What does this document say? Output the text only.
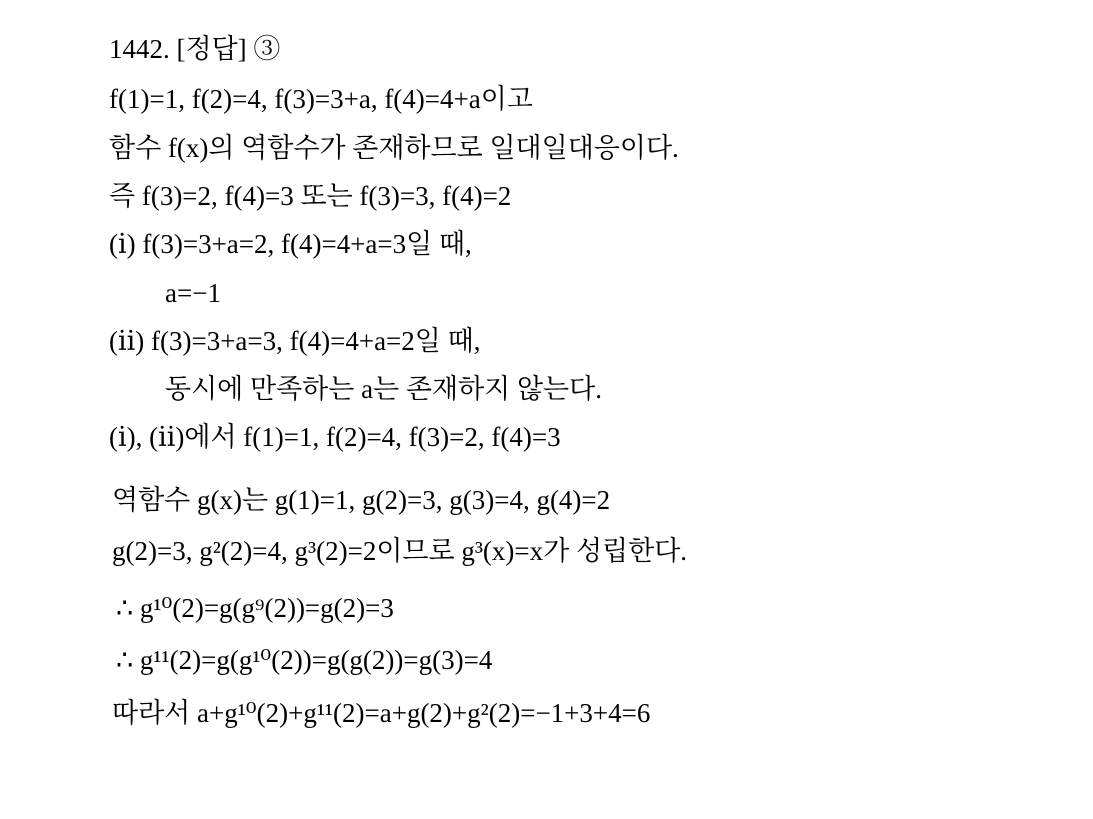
1442. [정답] ③
f(1)=1, f(2)=4, f(3)=3+a, f(4)=4+a이고
함수 f(x)의 역함수가 존재하므로 일대일대응이다.
즉 f(3)=2, f(4)=3 또는 f(3)=3, f(4)=2
(ⅰ) f(3)=3+a=2, f(4)=4+a=3일 때,
a=−1
(ⅱ) f(3)=3+a=3, f(4)=4+a=2일 때,
동시에 만족하는 a는 존재하지 않는다.
(ⅰ), (ⅱ)에서 f(1)=1, f(2)=4, f(3)=2, f(4)=3
역함수 g(x)는 g(1)=1, g(2)=3, g(3)=4, g(4)=2
g(2)=3, g²(2)=4, g³(2)=2이므로 g³(x)=x가 성립한다.
∴ g¹⁰(2)=g(g⁹(2))=g(2)=3
∴ g¹¹(2)=g(g¹⁰(2))=g(g(2))=g(3)=4
따라서 a+g¹⁰(2)+g¹¹(2)=a+g(2)+g²(2)=−1+3+4=6
